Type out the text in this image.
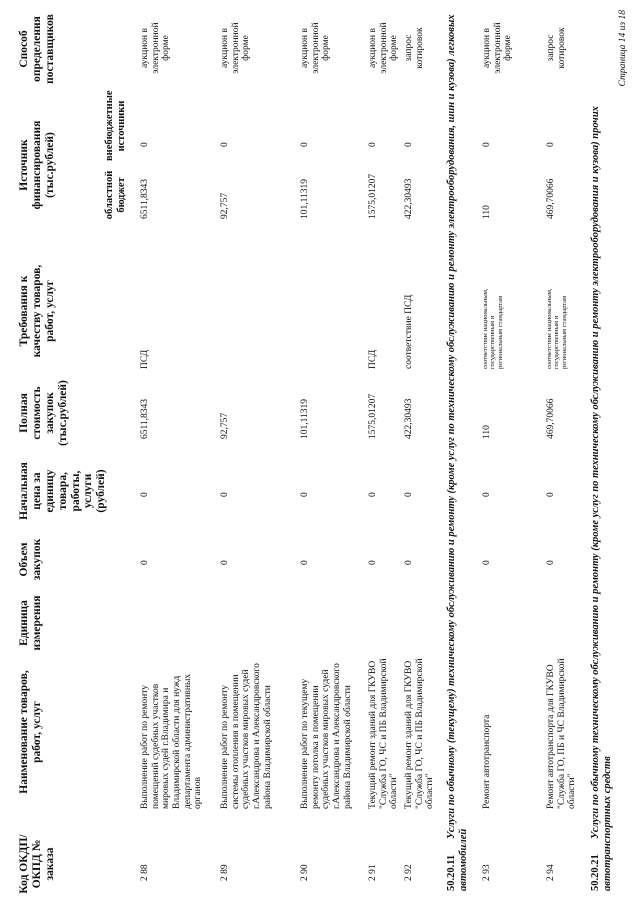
Код ОКДП/ ОКПД № заказа
Наименование товаров, работ, услуг
Единица измерения
Объем закупок
Начальная цена за единицу товара, работы, услуги (рублей)
Полная стоимость закупок (тыс.рублей)
Требования к качеству товаров, работ, услуг
Источник финансирования (тыс.рублей)	областной бюджет
внебюджетные источники
Способ определения поставщиков
2 88
Выполнение работ по ремонту помещений судебных участков мировых судей г.Владимира и Владимирской области для нужд департамента административных органов
0
0
6511,8343
ПСД
6511,8343
0
аукцион в электронной форме
2 89
Выполнение работ по ремонту системы отопления в помещении судебных участков мировых судей г.Александрова и Александровского района Владимирской области
0
0
92,757
92,757
0
аукцион в электронной форме
2 90
Выполнение работ по текущему ремонту потолка в помещении судебных участков мировых судей г.Александрова и Александровского района Владимирской области
0
0
101,11319
101,11319
0
аукцион в электронной форме
2 91
Текущий ремонт зданий для ГКУВО "Служба ГО, ЧС и ПБ Владимирской области"
0
0
1575,01207
ПСД
1575,01207
0
аукцион в электронной форме
2 92
Текущий ремонт зданий для ГКУВО "Служба ГО, ЧС и ПБ Владимирской области"
0
0
422,30493
соответствие ПСД
422,30493
0
запрос котировок
50.20.11Услуги по обычному (текущему) техническому обслуживанию и ремонту (кроме услуг по техническому обслуживанию и ремонту электрооборудования, шин и кузова) легковых автомобилей 2 93
Ремонт автотранспорта
0
0
110
соответствие национальным, государственным и региональным стандартам
110
0
аукцион в электронной форме
2 94
Ремонт автотранспорта для ГКУВО "Служба ГО, ПБ и ЧС Владимирской области"
0
0
469,70066
соответствие национальным, государственным и региональным стандартам
469,70066
0
запрос котировок
50.20.21Услуги по обычному техническому обслуживанию и ремонту (кроме услуг по техническому обслуживанию и ремонту электрооборудования и кузова) прочих автотранспортных средств
Страница 14 из 18
